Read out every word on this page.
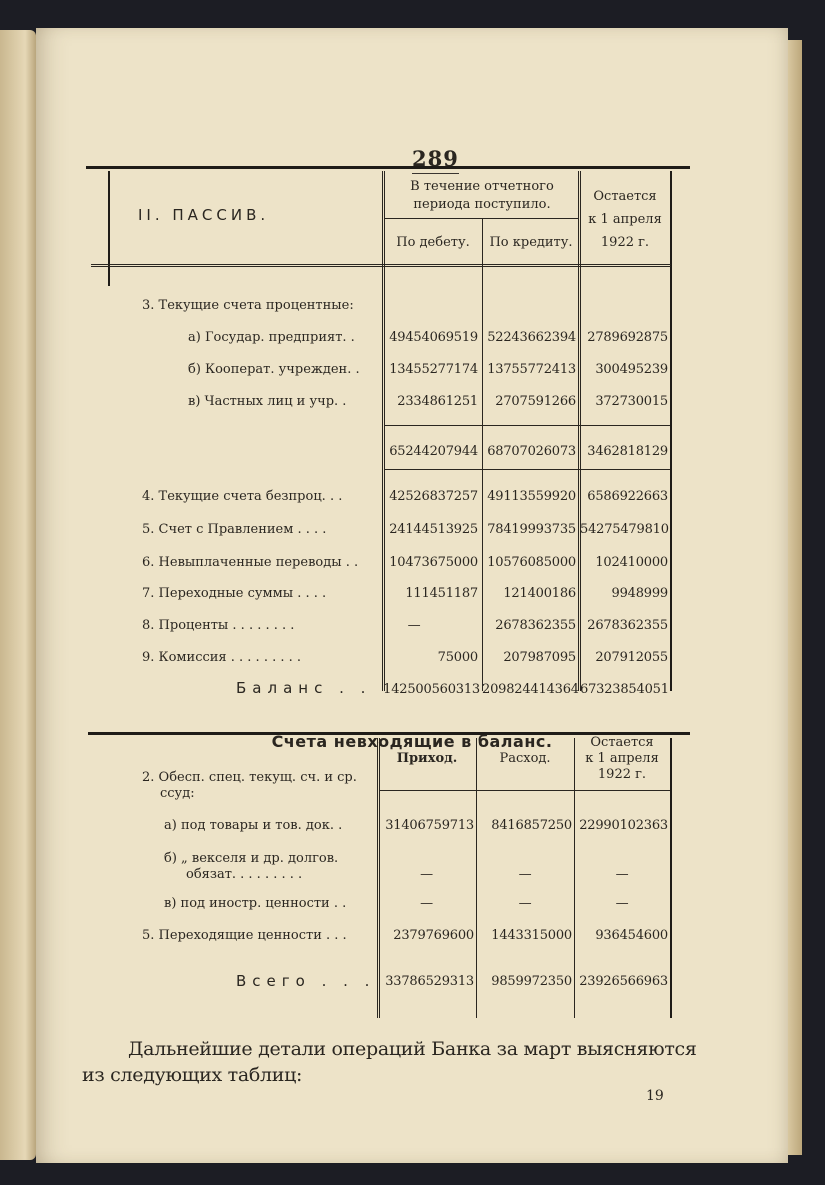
289
II. ПАССИВ.
В течение отчетного периода поступило.
По дебету.	По кредиту.
Остается
к 1 апреля
1922 г.
3. Текущие счета процентные:
а) Государ. предприят. .	49454069519 52243662394 2789692875
б) Кооперат. учрежден. .	13455277174 13755772413	300495239
в) Частных лиц и учр. .	2334861251	2707591266	372730015
65244207944 68707026073 3462818129
4. Текущие счета безпроц. . .	42526837257 49113559920 6586922663
5. Счет с Правлением . . . .	24144513925 78419993735 54275479810
6. Невыплаченные переводы . .	10473675000 10576085000	102410000
7. Переходные суммы . . . .	111451187	121400186	9948999
8. Проценты . . . . . . . .	—	2678362355 2678362355
9. Комиссия . . . . . . . . .	75000	207987095	207912055
Баланс . . 142500560313 209824414364 67323854051
Счета невходящие в баланс.
Приход.	Расход.
Остается
к 1 апреля
1922 г.
2. Обесп. спец. текущ. сч. и ср.
ссуд:
а) под товары и тов. док. .	31406759713	8416857250 22990102363
б) „ векселя и др. долгов.
обязат. . . . . . . . .	—	—	—
в) под иностр. ценности . .	—	—	—
5. Переходящие ценности . . .	2379769600	1443315000	936454600
Всего . . . 33786529313	9859972350 23926566963
Дальнейшие детали операций Банка за март выясняются из следующих таблиц:
19
